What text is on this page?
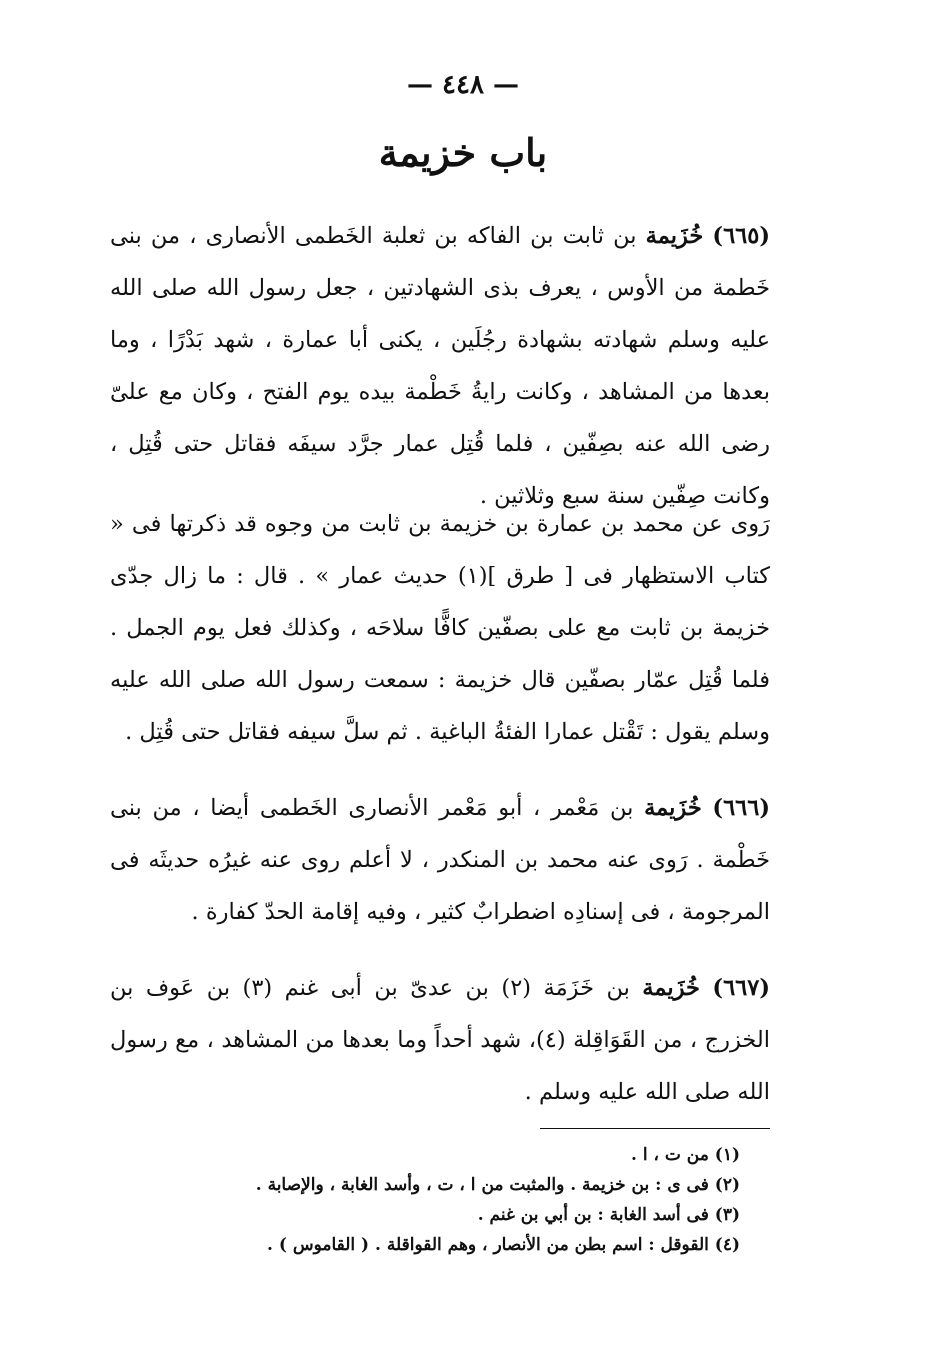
— ٤٤٨ —
باب خزيمة
(٦٦٥) خُزَيمة بن ثابت بن الفاكه بن ثعلبة الخَطمى الأنصارى ، من بنى خَطمة من الأوس ، يعرف بذى الشهادتين ، جعل رسول الله صلى الله عليه وسلم شهادته بشهادة رجُلَين ، يكنى أبا عمارة ، شهد بَدْرًا ، وما بعدها من المشاهد ، وكانت رايةُ خَطْمة بيده يوم الفتح ، وكان مع علىّ رضى الله عنه بصِفّين ، فلما قُتِل عمار جرَّد سيفَه فقاتل حتى قُتِل ، وكانت صِفّين سنة سبع وثلاثين .
رَوى عن محمد بن عمارة بن خزيمة بن ثابت من وجوه قد ذكرتها فى « كتاب الاستظهار فى [ طرق ](١) حديث عمار » . قال : ما زال جدّى خزيمة بن ثابت مع على بصفّين كافًّا سلاحَه ، وكذلك فعل يوم الجمل . فلما قُتِل عمّار بصفّين قال خزيمة : سمعت رسول الله صلى الله عليه وسلم يقول : تَقْتل عمارا الفئةُ الباغية . ثم سلَّ سيفه فقاتل حتى قُتِل .
(٦٦٦) خُزَيمة بن مَعْمر ، أبو مَعْمر الأنصارى الخَطمى أيضا ، من بنى خَطْمة . رَوى عنه محمد بن المنكدر ، لا أعلم روى عنه غيرُه حديثَه فى المرجومة ، فى إسنادِه اضطرابٌ كثير ، وفيه إقامة الحدّ كفارة .
(٦٦٧) خُزَيمة بن خَزَمَة (٢) بن عدىّ بن أبى غنم (٣) بن عَوف بن الخزرج ، من القَوَاقِلة (٤)، شهد أحداً وما بعدها من المشاهد ، مع رسول الله صلى الله عليه وسلم .
(١) من ت ، ا .
(٢) فى ى : بن خزيمة . والمثبت من ا ، ت ، وأسد الغابة ، والإصابة .
(٣) فى أسد الغابة : بن أبي بن غنم .
(٤) القوقل : اسم بطن من الأنصار ، وهم القواقلة . ( القاموس ) .
